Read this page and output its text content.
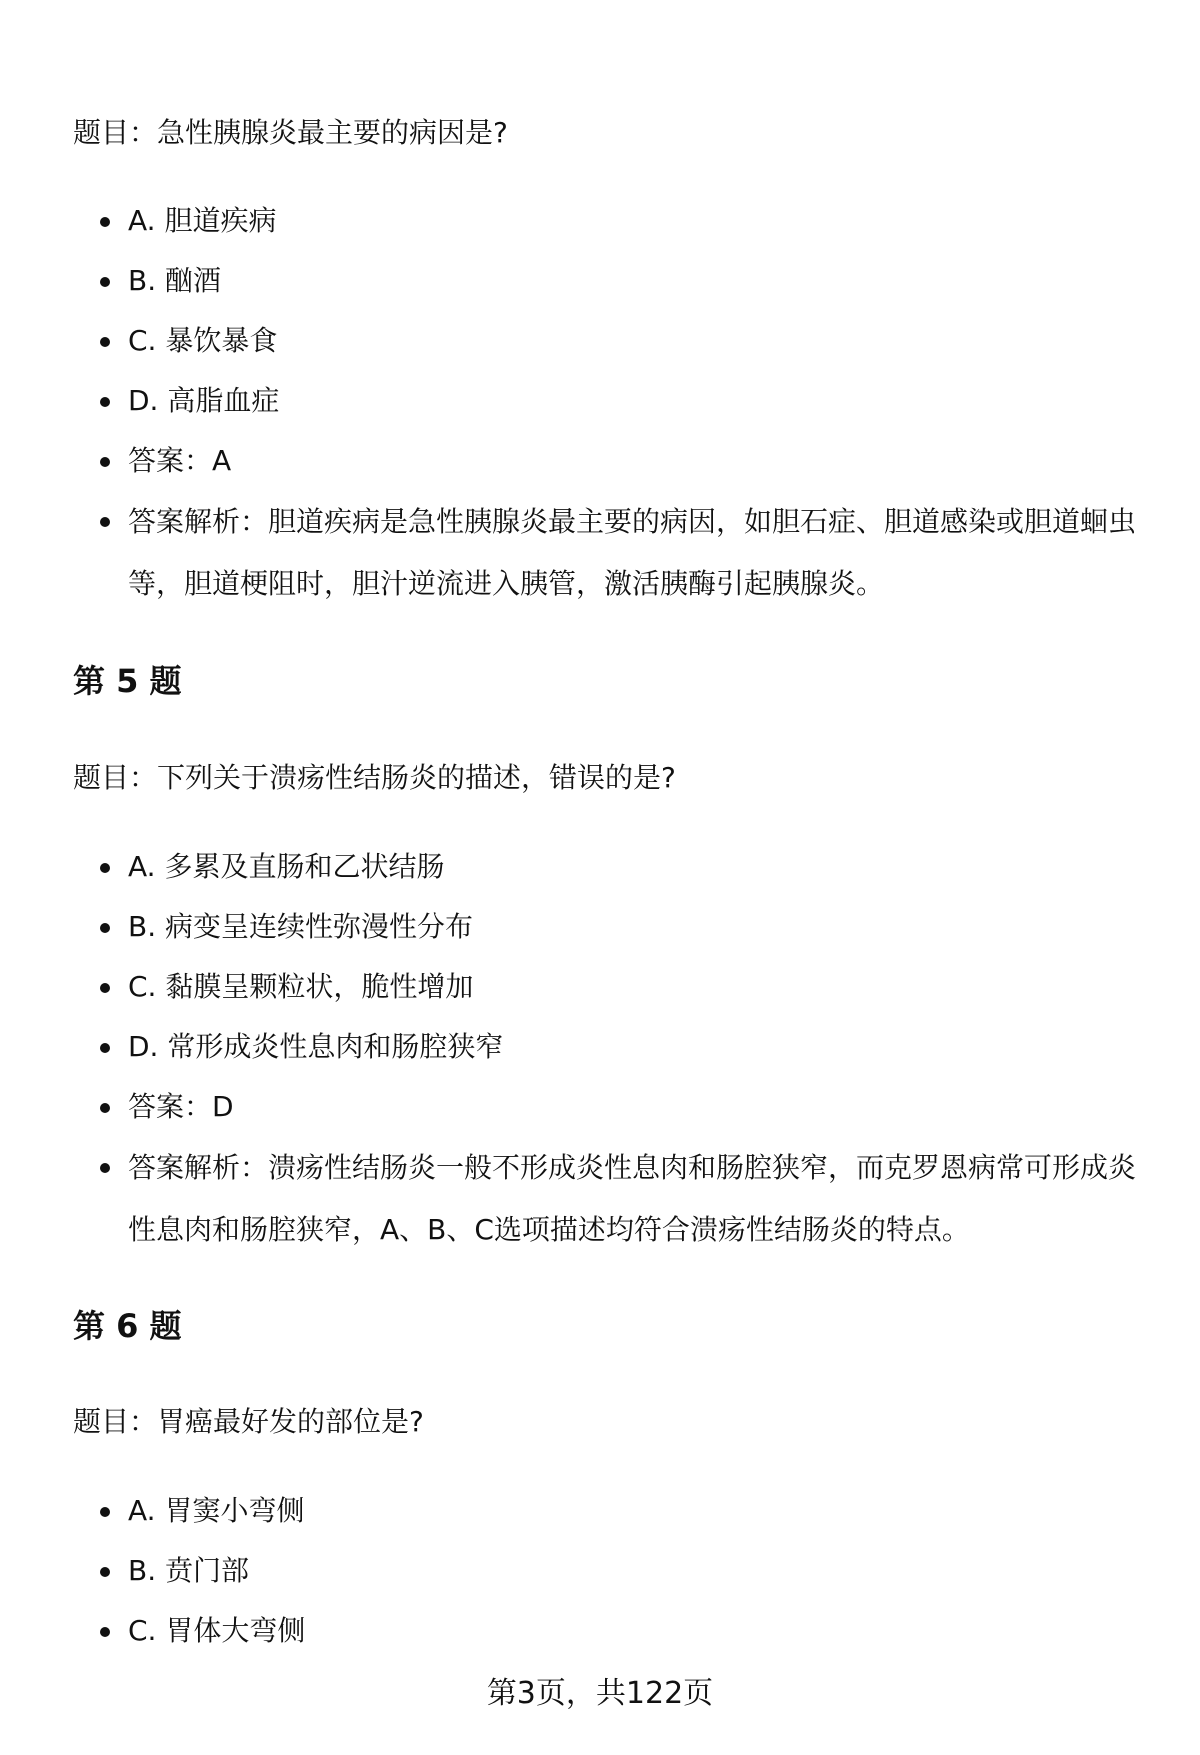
题目：急性胰腺炎最主要的病因是?
A. 胆道疾病
B. 酗酒
C. 暴饮暴食
D. 高脂血症
答案：A
答案解析：胆道疾病是急性胰腺炎最主要的病因，如胆石症、胆道感染或胆道蛔虫等，胆道梗阻时，胆汁逆流进入胰管，激活胰酶引起胰腺炎。
第 5 题
题目：下列关于溃疡性结肠炎的描述，错误的是?
A. 多累及直肠和乙状结肠
B. 病变呈连续性弥漫性分布
C. 黏膜呈颗粒状，脆性增加
D. 常形成炎性息肉和肠腔狭窄
答案：D
答案解析：溃疡性结肠炎一般不形成炎性息肉和肠腔狭窄，而克罗恩病常可形成炎性息肉和肠腔狭窄，A、B、C选项描述均符合溃疡性结肠炎的特点。
第 6 题
题目：胃癌最好发的部位是?
A. 胃窦小弯侧
B. 贲门部
C. 胃体大弯侧
第3页，共122页
